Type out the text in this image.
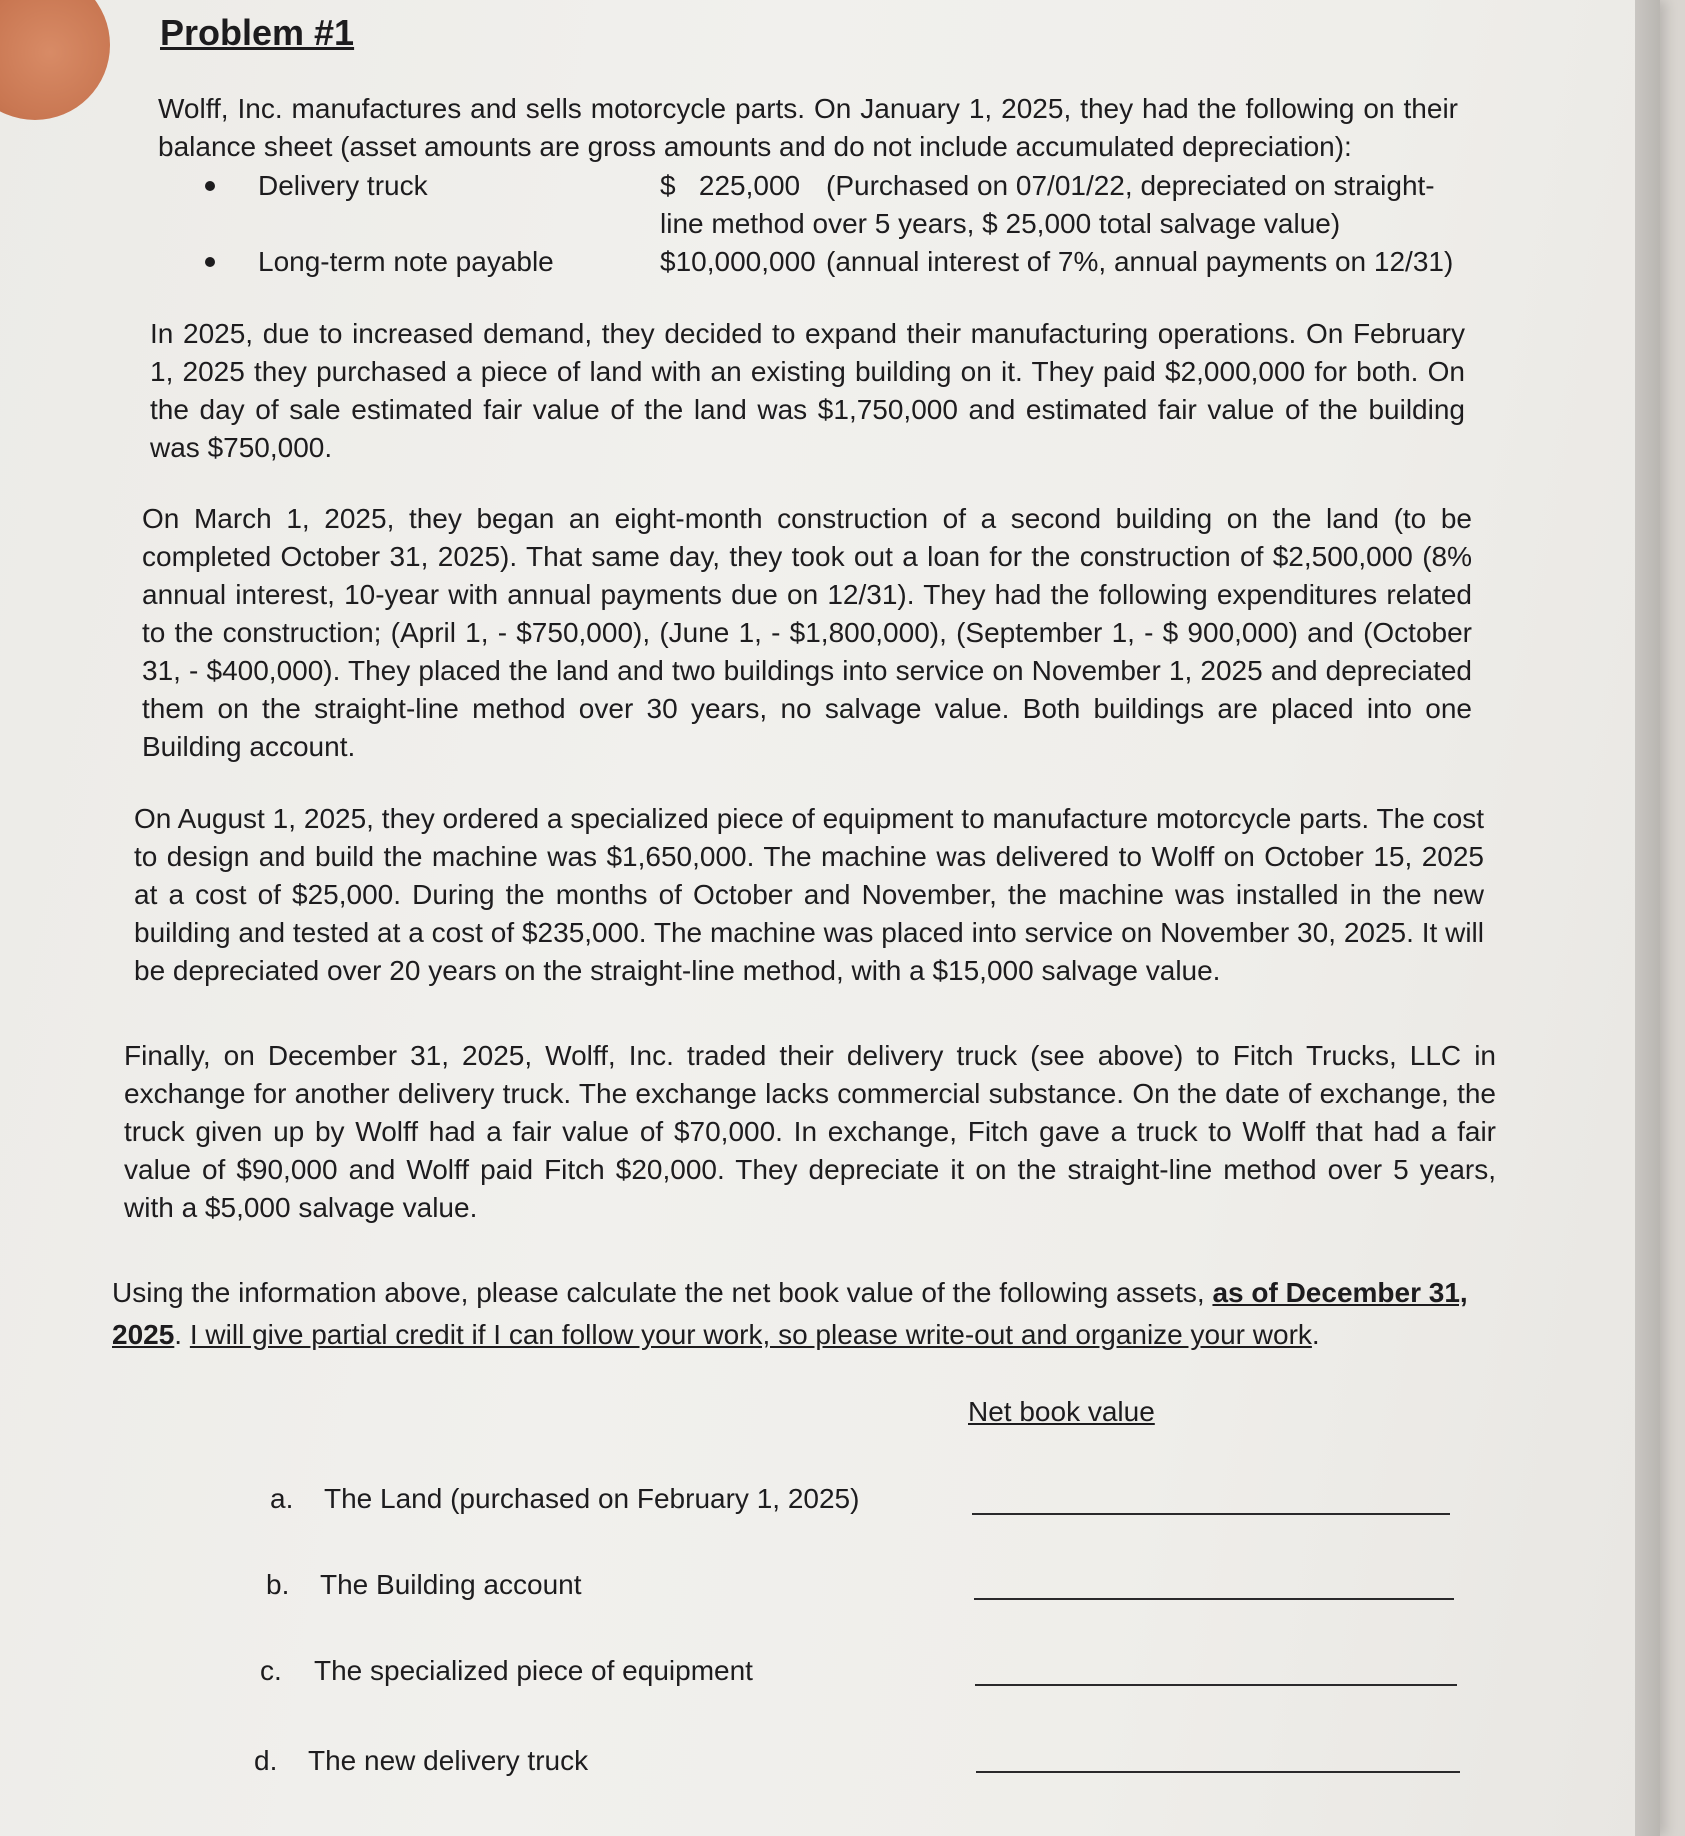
Problem #1

Wolff, Inc. manufactures and sells motorcycle parts. On January 1, 2025, they had the following on their balance sheet (asset amounts are gross amounts and do not include accumulated depreciation):

Delivery truck	$   225,000 (Purchased on 07/01/22, depreciated on straight-

line method over 5 years, $ 25,000 total salvage value)

Long-term note payable	$10,000,000 (annual interest of 7%, annual payments on 12/31)

In 2025, due to increased demand, they decided to expand their manufacturing operations. On February 1, 2025 they purchased a piece of land with an existing building on it. They paid $2,000,000 for both. On the day of sale estimated fair value of the land was $1,750,000 and estimated fair value of the building was $750,000.

On March 1, 2025, they began an eight-month construction of a second building on the land (to be completed October 31, 2025). That same day, they took out a loan for the construction of $2,500,000 (8% annual interest, 10-year with annual payments due on 12/31). They had the following expenditures related to the construction; (April 1, - $750,000), (June 1, - $1,800,000), (September 1, - $ 900,000) and (October 31, - $400,000). They placed the land and two buildings into service on November 1, 2025 and depreciated them on the straight-line method over 30 years, no salvage value. Both buildings are placed into one Building account.

On August 1, 2025, they ordered a specialized piece of equipment to manufacture motorcycle parts. The cost to design and build the machine was $1,650,000. The machine was delivered to Wolff on October 15, 2025 at a cost of $25,000. During the months of October and November, the machine was installed in the new building and tested at a cost of $235,000. The machine was placed into service on November 30, 2025. It will be depreciated over 20 years on the straight-line method, with a $15,000 salvage value.

Finally, on December 31, 2025, Wolff, Inc. traded their delivery truck (see above) to Fitch Trucks, LLC in exchange for another delivery truck. The exchange lacks commercial substance. On the date of exchange, the truck given up by Wolff had a fair value of $70,000. In exchange, Fitch gave a truck to Wolff that had a fair value of $90,000 and Wolff paid Fitch $20,000. They depreciate it on the straight-line method over 5 years, with a $5,000 salvage value.

Using the information above, please calculate the net book value of the following assets, as of December 31, 2025. I will give partial credit if I can follow your work, so please write-out and organize your work.

Net book value

a. The Land (purchased on February 1, 2025)

b. The Building account

c. The specialized piece of equipment

d. The new delivery truck
